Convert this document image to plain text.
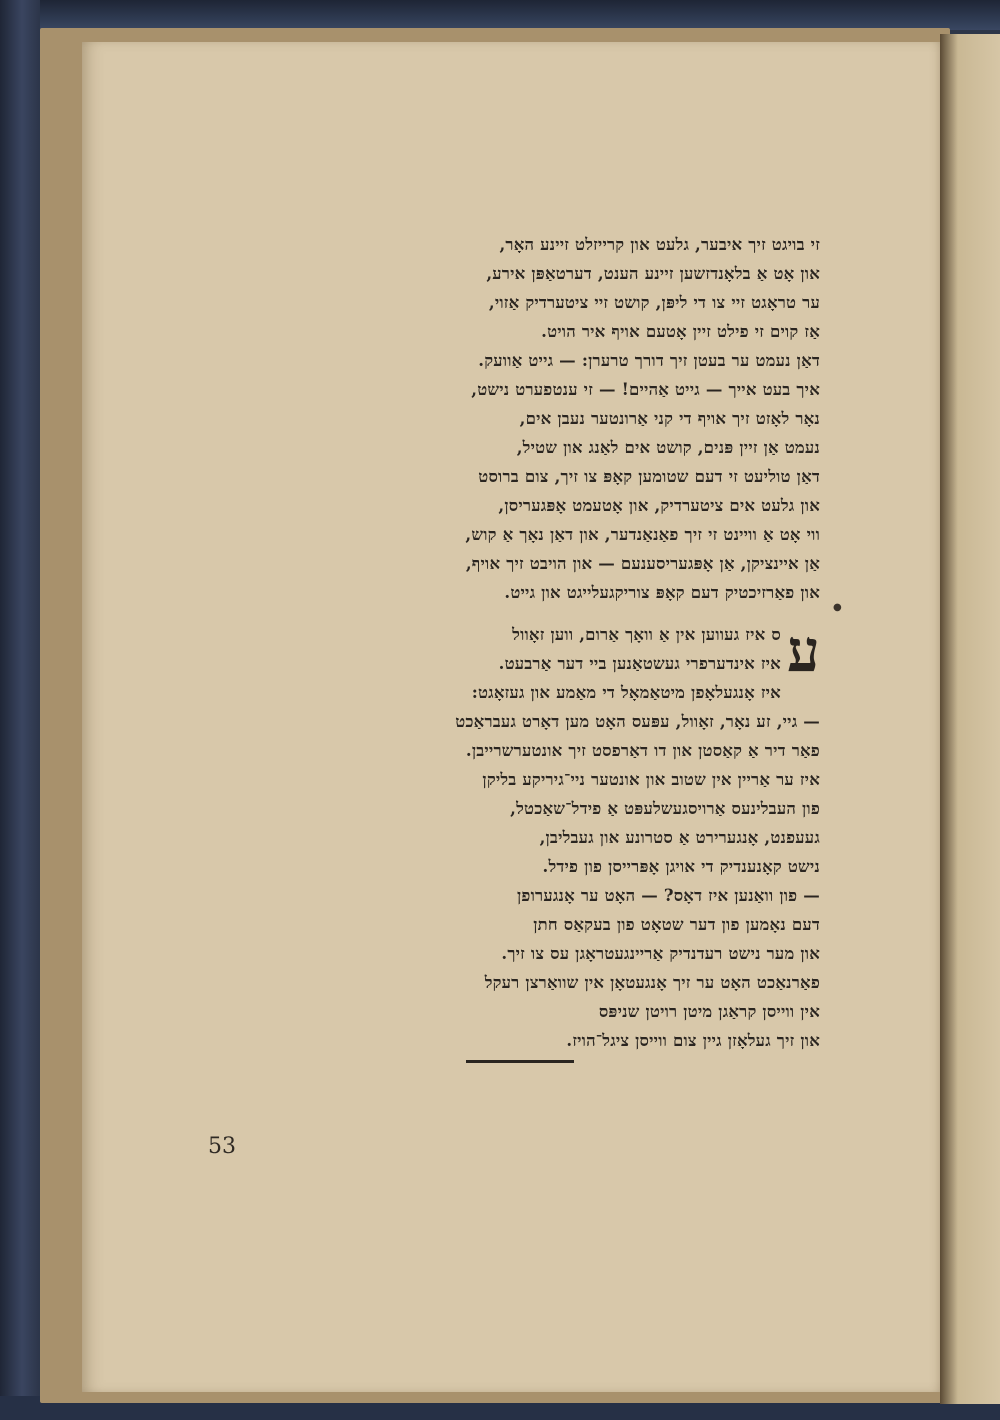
זי בויגט זיך איבער, גלעט און קרייזלט זיינע האָר,
און אָט אַ בלאָנדזשען זיינע הענט, דערטאַפּן אירע,
ער טראָגט זיי צו די ליפּן, קושט זיי ציטערדיק אַזוי,
אַז קוים זי פילט זיין אָטעם אויף איר הויט.
דאַן נעמט ער בעטן זיך דורך טרערן: — גייט אַוועק.
איך בעט אייך — גייט אַהיים! — זי ענטפערט נישט,
נאָר לאָזט זיך אויף די קני אַרונטער נעבן אים,
נעמט אַן זיין פּנים, קושט אים לאַנג און שטיל,
דאַן טוליעט זי דעם שטומען קאָפּ צו זיך, צום ברוסט
און גלעט אים ציטערדיק, און אָטעמט אָפּגעריסן,
ווי אָט אַ וויינט זי זיך פאַנאַנדער, און דאַן נאָך אַ קוש,
אַן איינציקן, אַן אָפּגעריסענעם — און הויבט זיך אויף,
און פאַרזיכטיק דעם קאָפּ צוריקגעלייגט און גייט.
●
ע
ס איז געווען אין אַ וואָך אַרום, ווען זאָוול
איז אינדערפרי געשטאַנען ביי דער אַרבעט.
איז אָנגעלאָפן מיטאַמאָל די מאַמע און געזאָגט:
— גיי, זע נאָר, זאָוול, עפּעס האָט מען דאָרט געבראַכט
פאַר דיר אַ קאַסטן און דו דאַרפסט זיך אונטערשרייבן.
איז ער אַריין אין שטוב און אונטער ניי־גיריקע בליקן
פון העבלינעס אַרויסגעשלעפּט אַ פידל־שאַכטל,
געעפנט, אָנגערירט אַ סטרונע און געבליבן,
נישט קאָנענדיק די אויגן אָפּרייסן פון פידל.
— פון וואַנען איז דאָס? — האָט ער אָנגערופן
דעם נאָמען פון דער שטאָט פון בעקאַס חתן
און מער נישט רעדנדיק אַריינגעטראָגן עס צו זיך.
פאַרנאַכט האָט ער זיך אָנגעטאָן אין שוואַרצן רעקל
אין ווייסן קראַגן מיטן רויטן שניפּס
און זיך געלאָזן גיין צום ווייסן ציגל־הויז.
53
